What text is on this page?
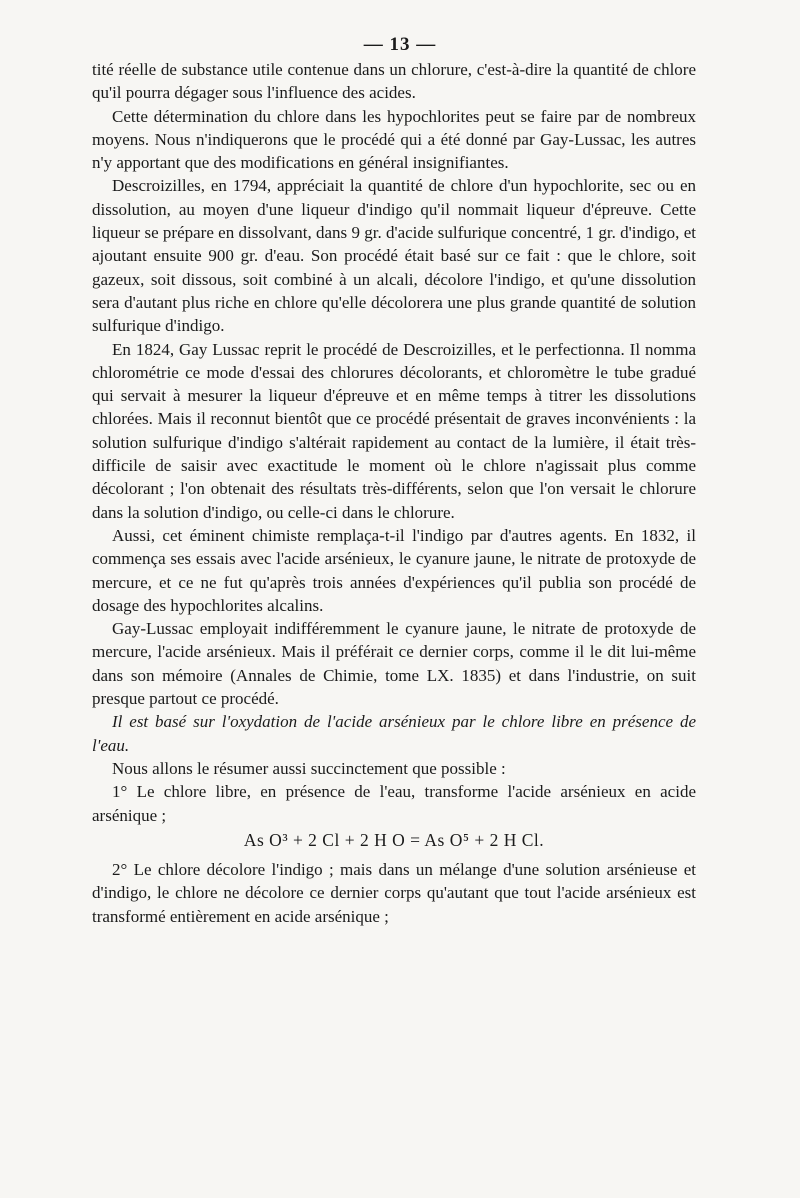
— 13 —

tité réelle de substance utile contenue dans un chlorure, c'est-à-dire la quantité de chlore qu'il pourra dégager sous l'influence des acides.

Cette détermination du chlore dans les hypochlorites peut se faire par de nombreux moyens. Nous n'indiquerons que le procédé qui a été donné par Gay-Lussac, les autres n'y apportant que des modifications en général insignifiantes.

Descroizilles, en 1794, appréciait la quantité de chlore d'un hypochlorite, sec ou en dissolution, au moyen d'une liqueur d'indigo qu'il nommait liqueur d'épreuve. Cette liqueur se prépare en dissolvant, dans 9 gr. d'acide sulfurique concentré, 1 gr. d'indigo, et ajoutant ensuite 900 gr. d'eau. Son procédé était basé sur ce fait : que le chlore, soit gazeux, soit dissous, soit combiné à un alcali, décolore l'indigo, et qu'une dissolution sera d'autant plus riche en chlore qu'elle décolorera une plus grande quantité de solution sulfurique d'indigo.

En 1824, Gay Lussac reprit le procédé de Descroizilles, et le perfectionna. Il nomma chlorométrie ce mode d'essai des chlorures décolorants, et chloromètre le tube gradué qui servait à mesurer la liqueur d'épreuve et en même temps à titrer les dissolutions chlorées. Mais il reconnut bientôt que ce procédé présentait de graves inconvénients : la solution sulfurique d'indigo s'altérait rapidement au contact de la lumière, il était très-difficile de saisir avec exactitude le moment où le chlore n'agissait plus comme décolorant ; l'on obtenait des résultats très-différents, selon que l'on versait le chlorure dans la solution d'indigo, ou celle-ci dans le chlorure.

Aussi, cet éminent chimiste remplaça-t-il l'indigo par d'autres agents. En 1832, il commença ses essais avec l'acide arsénieux, le cyanure jaune, le nitrate de protoxyde de mercure, et ce ne fut qu'après trois années d'expériences qu'il publia son procédé de dosage des hypochlorites alcalins.

Gay-Lussac employait indifféremment le cyanure jaune, le nitrate de protoxyde de mercure, l'acide arsénieux. Mais il préférait ce dernier corps, comme il le dit lui-même dans son mémoire (Annales de Chimie, tome LX. 1835) et dans l'industrie, on suit presque partout ce procédé.

Il est basé sur l'oxydation de l'acide arsénieux par le chlore libre en présence de l'eau.

Nous allons le résumer aussi succinctement que possible :

1° Le chlore libre, en présence de l'eau, transforme l'acide arsénieux en acide arsénique ;

As O³ + 2 Cl + 2 H O = As O⁵ + 2 H Cl.

2° Le chlore décolore l'indigo ; mais dans un mélange d'une solution arsénieuse et d'indigo, le chlore ne décolore ce dernier corps qu'autant que tout l'acide arsénieux est transformé entièrement en acide arsénique ;
